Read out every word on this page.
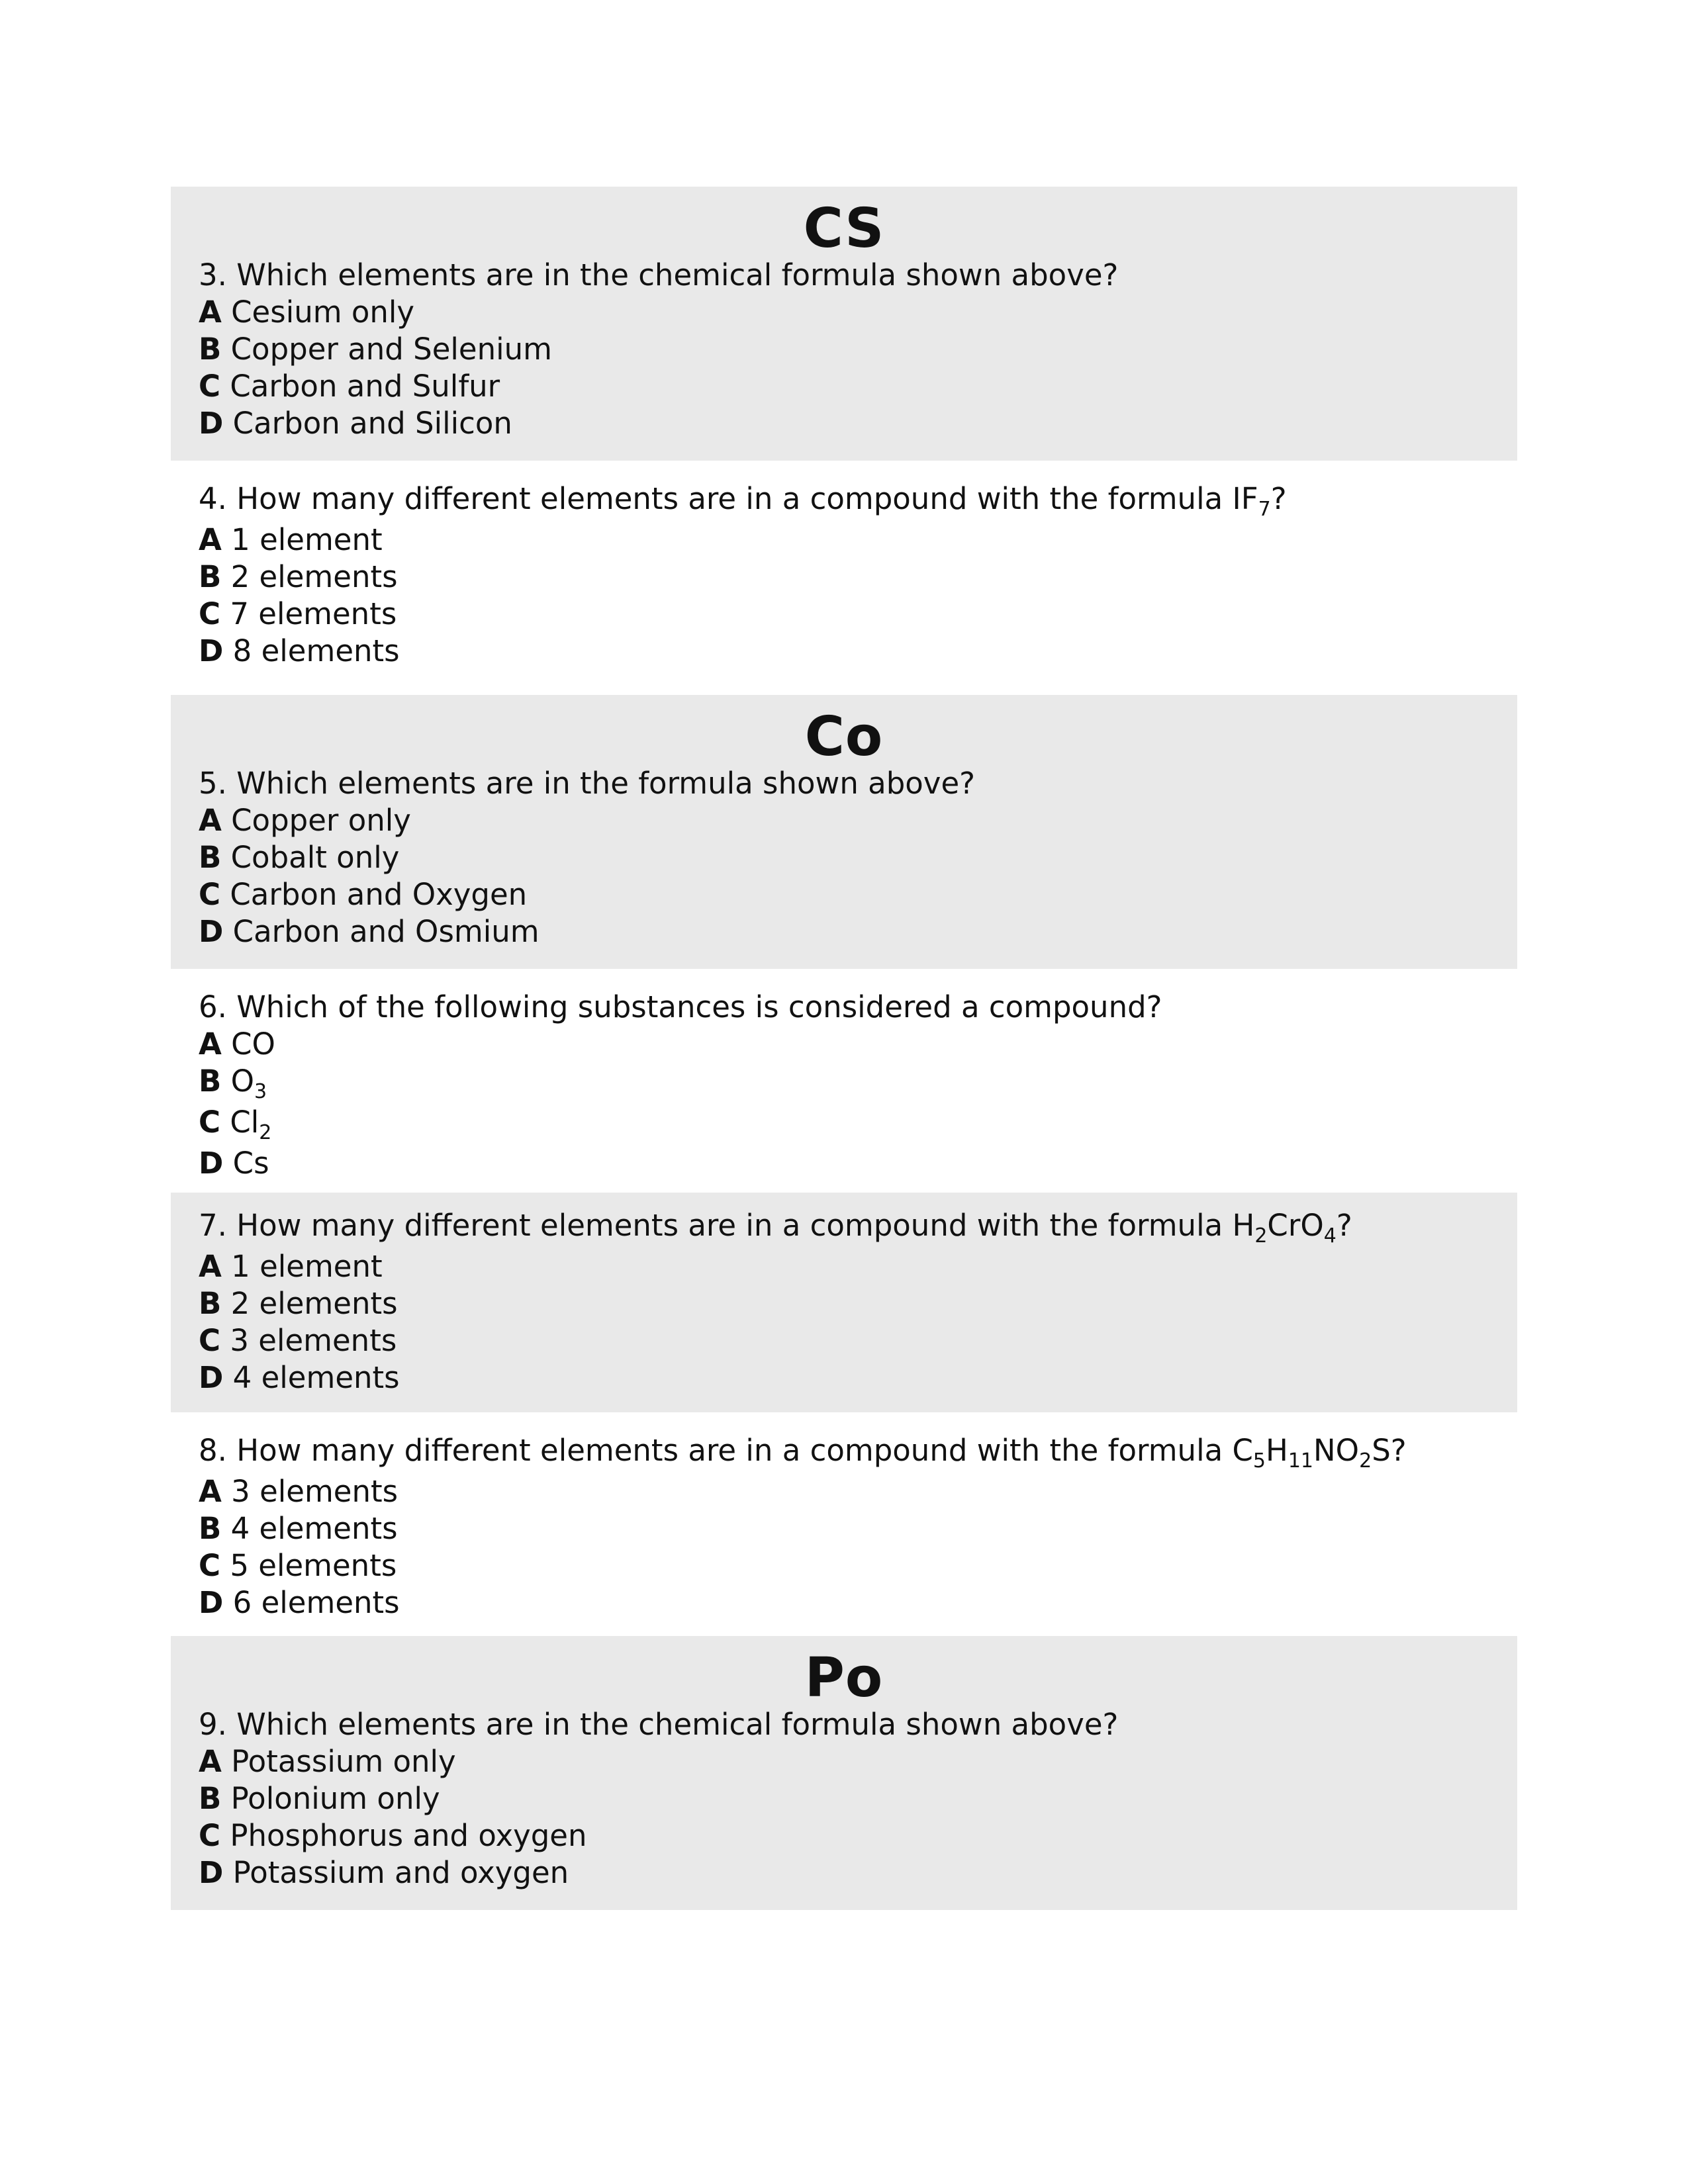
CS
3. Which elements are in the chemical formula shown above?
A Cesium only
B Copper and Selenium
C Carbon and Sulfur
D Carbon and Silicon
4. How many different elements are in a compound with the formula $IF_7$?
A 1 element
B 2 elements
C 7 elements
D 8 elements
Co
5. Which elements are in the formula shown above?
A Copper only
B Cobalt only
C Carbon and Oxygen
D Carbon and Osmium
6. Which of the following substances is considered a compound?
A CO
B $O_3$
C $Cl_2$
D Cs
7. How many different elements are in a compound with the formula $H_2CrO_4$?
A 1 element
B 2 elements
C 3 elements
D 4 elements
8. How many different elements are in a compound with the formula $C_5H_{11}NO_2S$?
A 3 elements
B 4 elements
C 5 elements
D 6 elements
Po
9. Which elements are in the chemical formula shown above?
A Potassium only
B Polonium only
C Phosphorus and oxygen
D Potassium and oxygen
